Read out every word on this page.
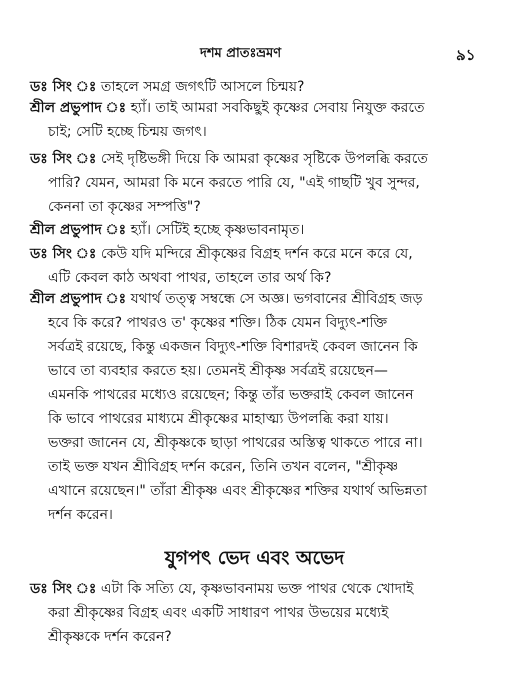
দশম প্রাতঃভ্রমণ	৯১
ডঃ সিং ঃ তাহলে সমগ্র জগৎটি আসলে চিন্ময়?
শ্রীল প্রভুপাদ ঃ হ্যাঁ। তাই আমরা সবকিছুই কৃষ্ণের সেবায় নিযুক্ত করতে
চাই; সেটি হচ্ছে চিন্ময় জগৎ।
ডঃ সিং ঃ সেই দৃষ্টিভঙ্গী দিয়ে কি আমরা কৃষ্ণের সৃষ্টিকে উপলব্ধি করতে
পারি? যেমন, আমরা কি মনে করতে পারি যে, "এই গাছটি খুব সুন্দর,
কেননা তা কৃষ্ণের সম্পত্তি"?
শ্রীল প্রভুপাদ ঃ হ্যাঁ। সেটিই হচ্ছে কৃষ্ণভাবনামৃত।
ডঃ সিং ঃ কেউ যদি মন্দিরে শ্রীকৃষ্ণের বিগ্রহ দর্শন করে মনে করে যে,
এটি কেবল কাঠ অথবা পাথর, তাহলে তার অর্থ কি?
শ্রীল প্রভুপাদ ঃ যথার্থ তত্ত্ব সম্বন্ধে সে অজ্ঞ। ভগবানের শ্রীবিগ্রহ জড়
হবে কি করে? পাথরও ত' কৃষ্ণের শক্তি। ঠিক যেমন বিদ্যুৎ-শক্তি
সর্বত্রই রয়েছে, কিন্তু একজন বিদ্যুৎ-শক্তি বিশারদই কেবল জানেন কি
ভাবে তা ব্যবহার করতে হয়। তেমনই শ্রীকৃষ্ণ সর্বত্রই রয়েছেন—
এমনকি পাথরের মধ্যেও রয়েছেন; কিন্তু তাঁর ভক্তরাই কেবল জানেন
কি ভাবে পাথরের মাধ্যমে শ্রীকৃষ্ণের মাহাত্ম্য উপলব্ধি করা যায়।
ভক্তরা জানেন যে, শ্রীকৃষ্ণকে ছাড়া পাথরের অস্তিত্ব থাকতে পারে না।
তাই ভক্ত যখন শ্রীবিগ্রহ দর্শন করেন, তিনি তখন বলেন, "শ্রীকৃষ্ণ
এখানে রয়েছেন।" তাঁরা শ্রীকৃষ্ণ এবং শ্রীকৃষ্ণের শক্তির যথার্থ অভিন্নতা
দর্শন করেন।
যুগপৎ ভেদ এবং অভেদ
ডঃ সিং ঃ এটা কি সত্যি যে, কৃষ্ণভাবনাময় ভক্ত পাথর থেকে খোদাই
করা শ্রীকৃষ্ণের বিগ্রহ এবং একটি সাধারণ পাথর উভয়ের মধ্যেই
শ্রীকৃষ্ণকে দর্শন করেন?
